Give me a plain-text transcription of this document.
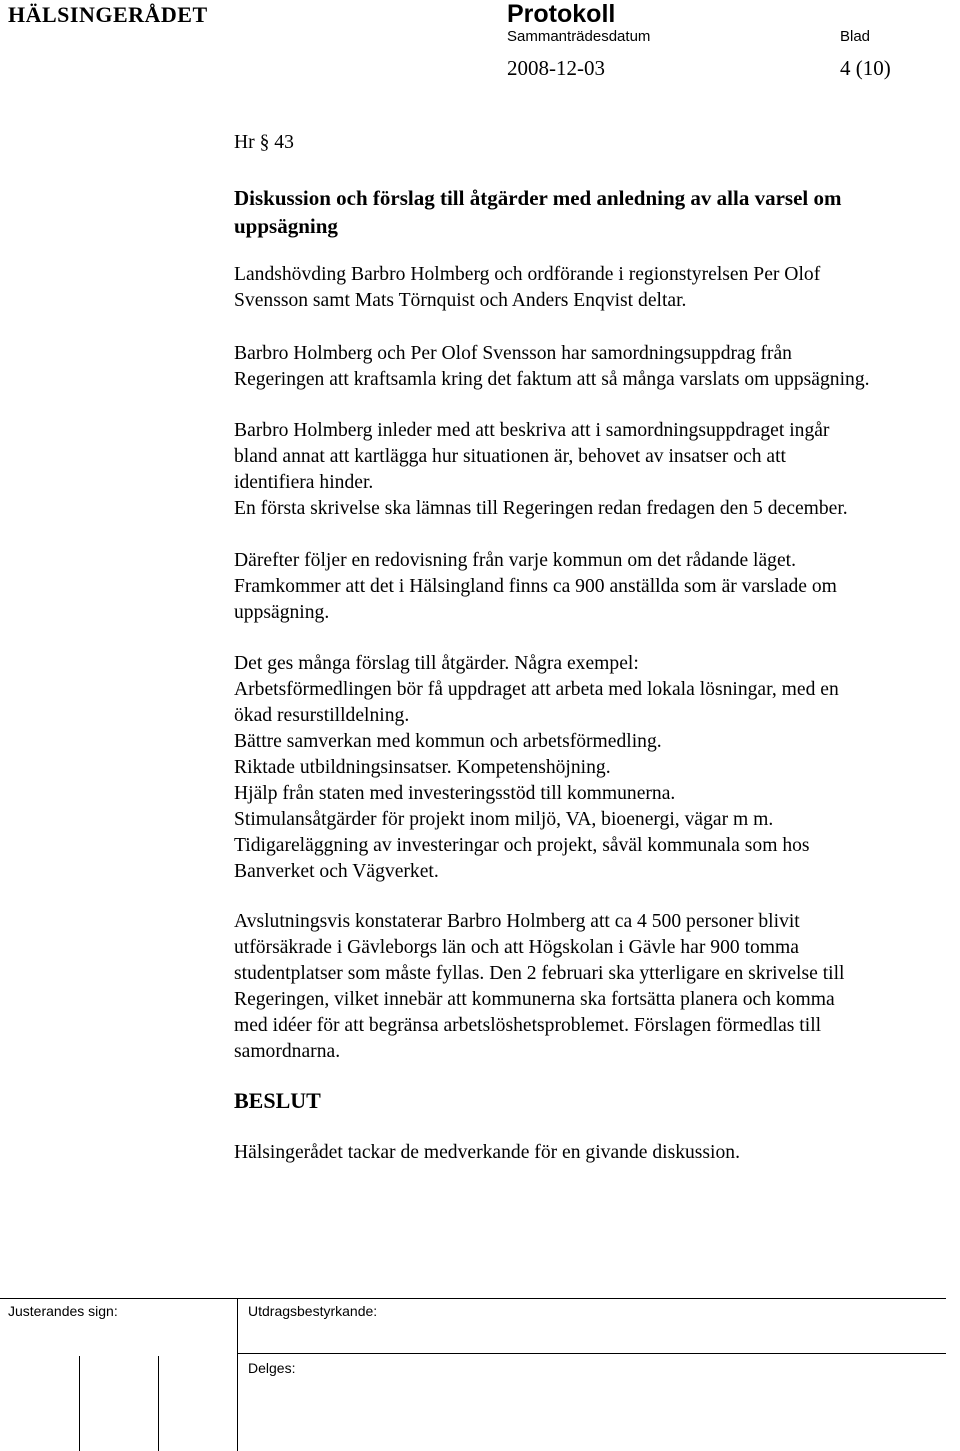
HÄLSINGERÅDET	Protokoll
Sammanträdesdatum	Blad
2008-12-03	4 (10)
Hr § 43
Diskussion och förslag till åtgärder med anledning av alla varsel om
uppsägning
Landshövding Barbro Holmberg och ordförande i regionstyrelsen Per Olof
Svensson samt Mats Törnquist och Anders Enqvist deltar.
Barbro Holmberg och Per Olof Svensson har samordningsuppdrag från
Regeringen att kraftsamla kring det faktum att så många varslats om uppsägning.
Barbro Holmberg inleder med att beskriva att i samordningsuppdraget ingår
bland annat att kartlägga hur situationen är, behovet av insatser och att
identifiera hinder.
En första skrivelse ska lämnas till Regeringen redan fredagen den 5 december.
Därefter följer en redovisning från varje kommun om det rådande läget.
Framkommer att det i Hälsingland finns ca 900 anställda som är varslade om
uppsägning.
Det ges många förslag till åtgärder. Några exempel:
Arbetsförmedlingen bör få uppdraget att arbeta med lokala lösningar, med en
ökad resurstilldelning.
Bättre samverkan med kommun och arbetsförmedling.
Riktade utbildningsinsatser. Kompetenshöjning.
Hjälp från staten med investeringsstöd till kommunerna.
Stimulansåtgärder för projekt inom miljö, VA, bioenergi, vägar m m.
Tidigareläggning av investeringar och projekt, såväl kommunala som hos
Banverket och Vägverket.
Avslutningsvis konstaterar Barbro Holmberg att ca 4 500 personer blivit
utförsäkrade i Gävleborgs län och att Högskolan i Gävle har 900 tomma
studentplatser som måste fyllas. Den 2 februari ska ytterligare en skrivelse till
Regeringen, vilket innebär att kommunerna ska fortsätta planera och komma
med idéer för att begränsa arbetslöshetsproblemet. Förslagen förmedlas till
samordnarna.
BESLUT
Hälsingerådet tackar de medverkande för en givande diskussion.
Justerandes sign:	Utdragsbestyrkande:
Delges:
